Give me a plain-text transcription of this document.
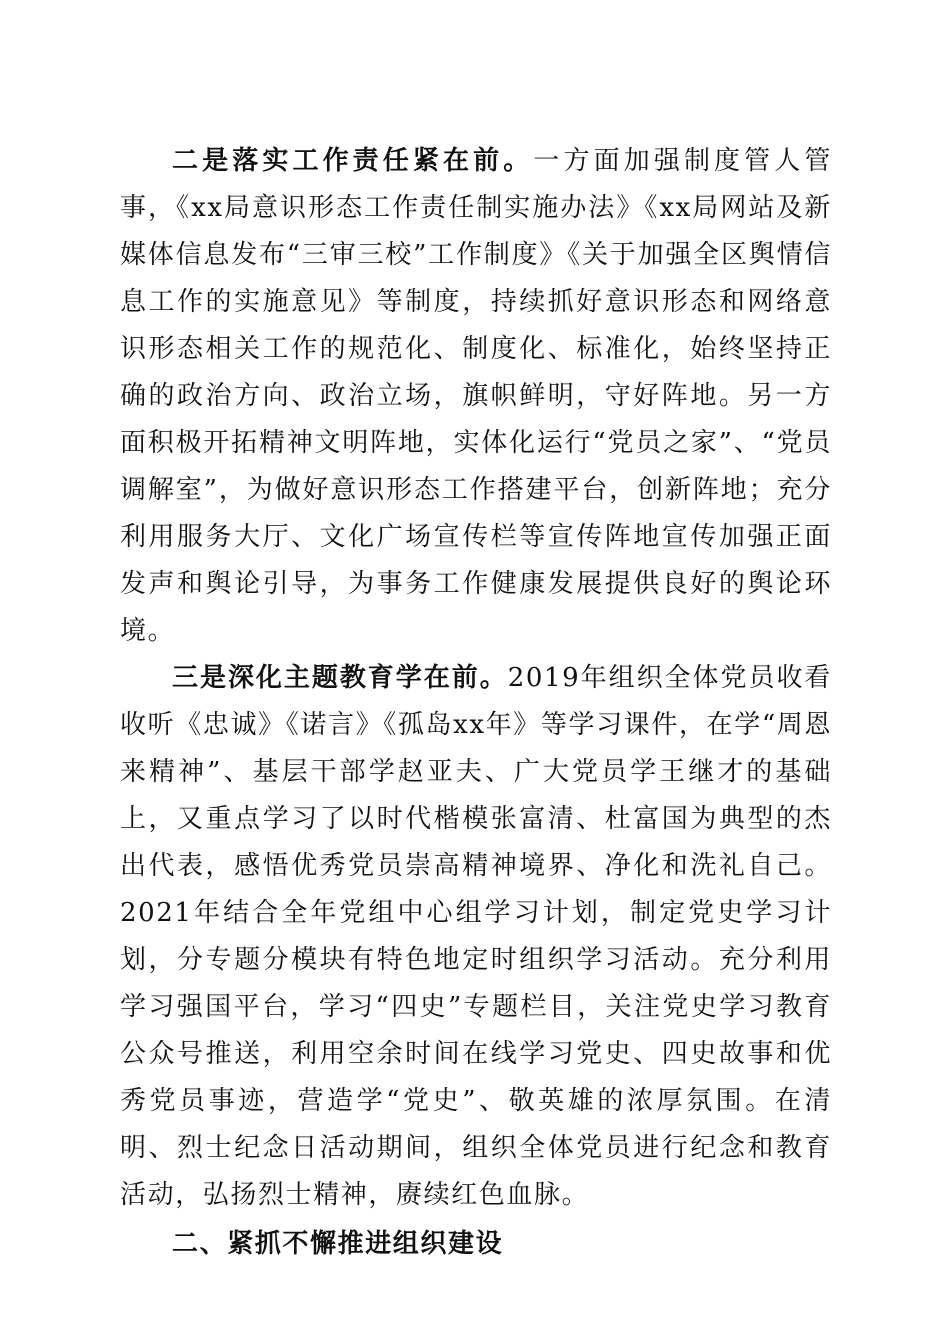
二是落实工作责任紧在前。一方面加强制度管人管事，《xx局意识形态工作责任制实施办法》《xx局网站及新媒体信息发布“三审三校”工作制度》《关于加强全区舆情信息工作的实施意见》等制度，持续抓好意识形态和网络意识形态相关工作的规范化、制度化、标准化，始终坚持正确的政治方向、政治立场，旗帜鲜明，守好阵地。另一方面积极开拓精神文明阵地，实体化运行“党员之家”、“党员调解室”，为做好意识形态工作搭建平台，创新阵地；充分利用服务大厅、文化广场宣传栏等宣传阵地宣传加强正面发声和舆论引导，为事务工作健康发展提供良好的舆论环境。

三是深化主题教育学在前。2019年组织全体党员收看收听《忠诚》《诺言》《孤岛xx年》等学习课件，在学“周恩来精神”、基层干部学赵亚夫、广大党员学王继才的基础上，又重点学习了以时代楷模张富清、杜富国为典型的杰出代表，感悟优秀党员崇高精神境界、净化和洗礼自己。2021年结合全年党组中心组学习计划，制定党史学习计划，分专题分模块有特色地定时组织学习活动。充分利用学习强国平台，学习“四史”专题栏目，关注党史学习教育公众号推送，利用空余时间在线学习党史、四史故事和优秀党员事迹，营造学“党史”、敬英雄的浓厚氛围。在清明、烈士纪念日活动期间，组织全体党员进行纪念和教育活动，弘扬烈士精神，赓续红色血脉。

二、紧抓不懈推进组织建设
